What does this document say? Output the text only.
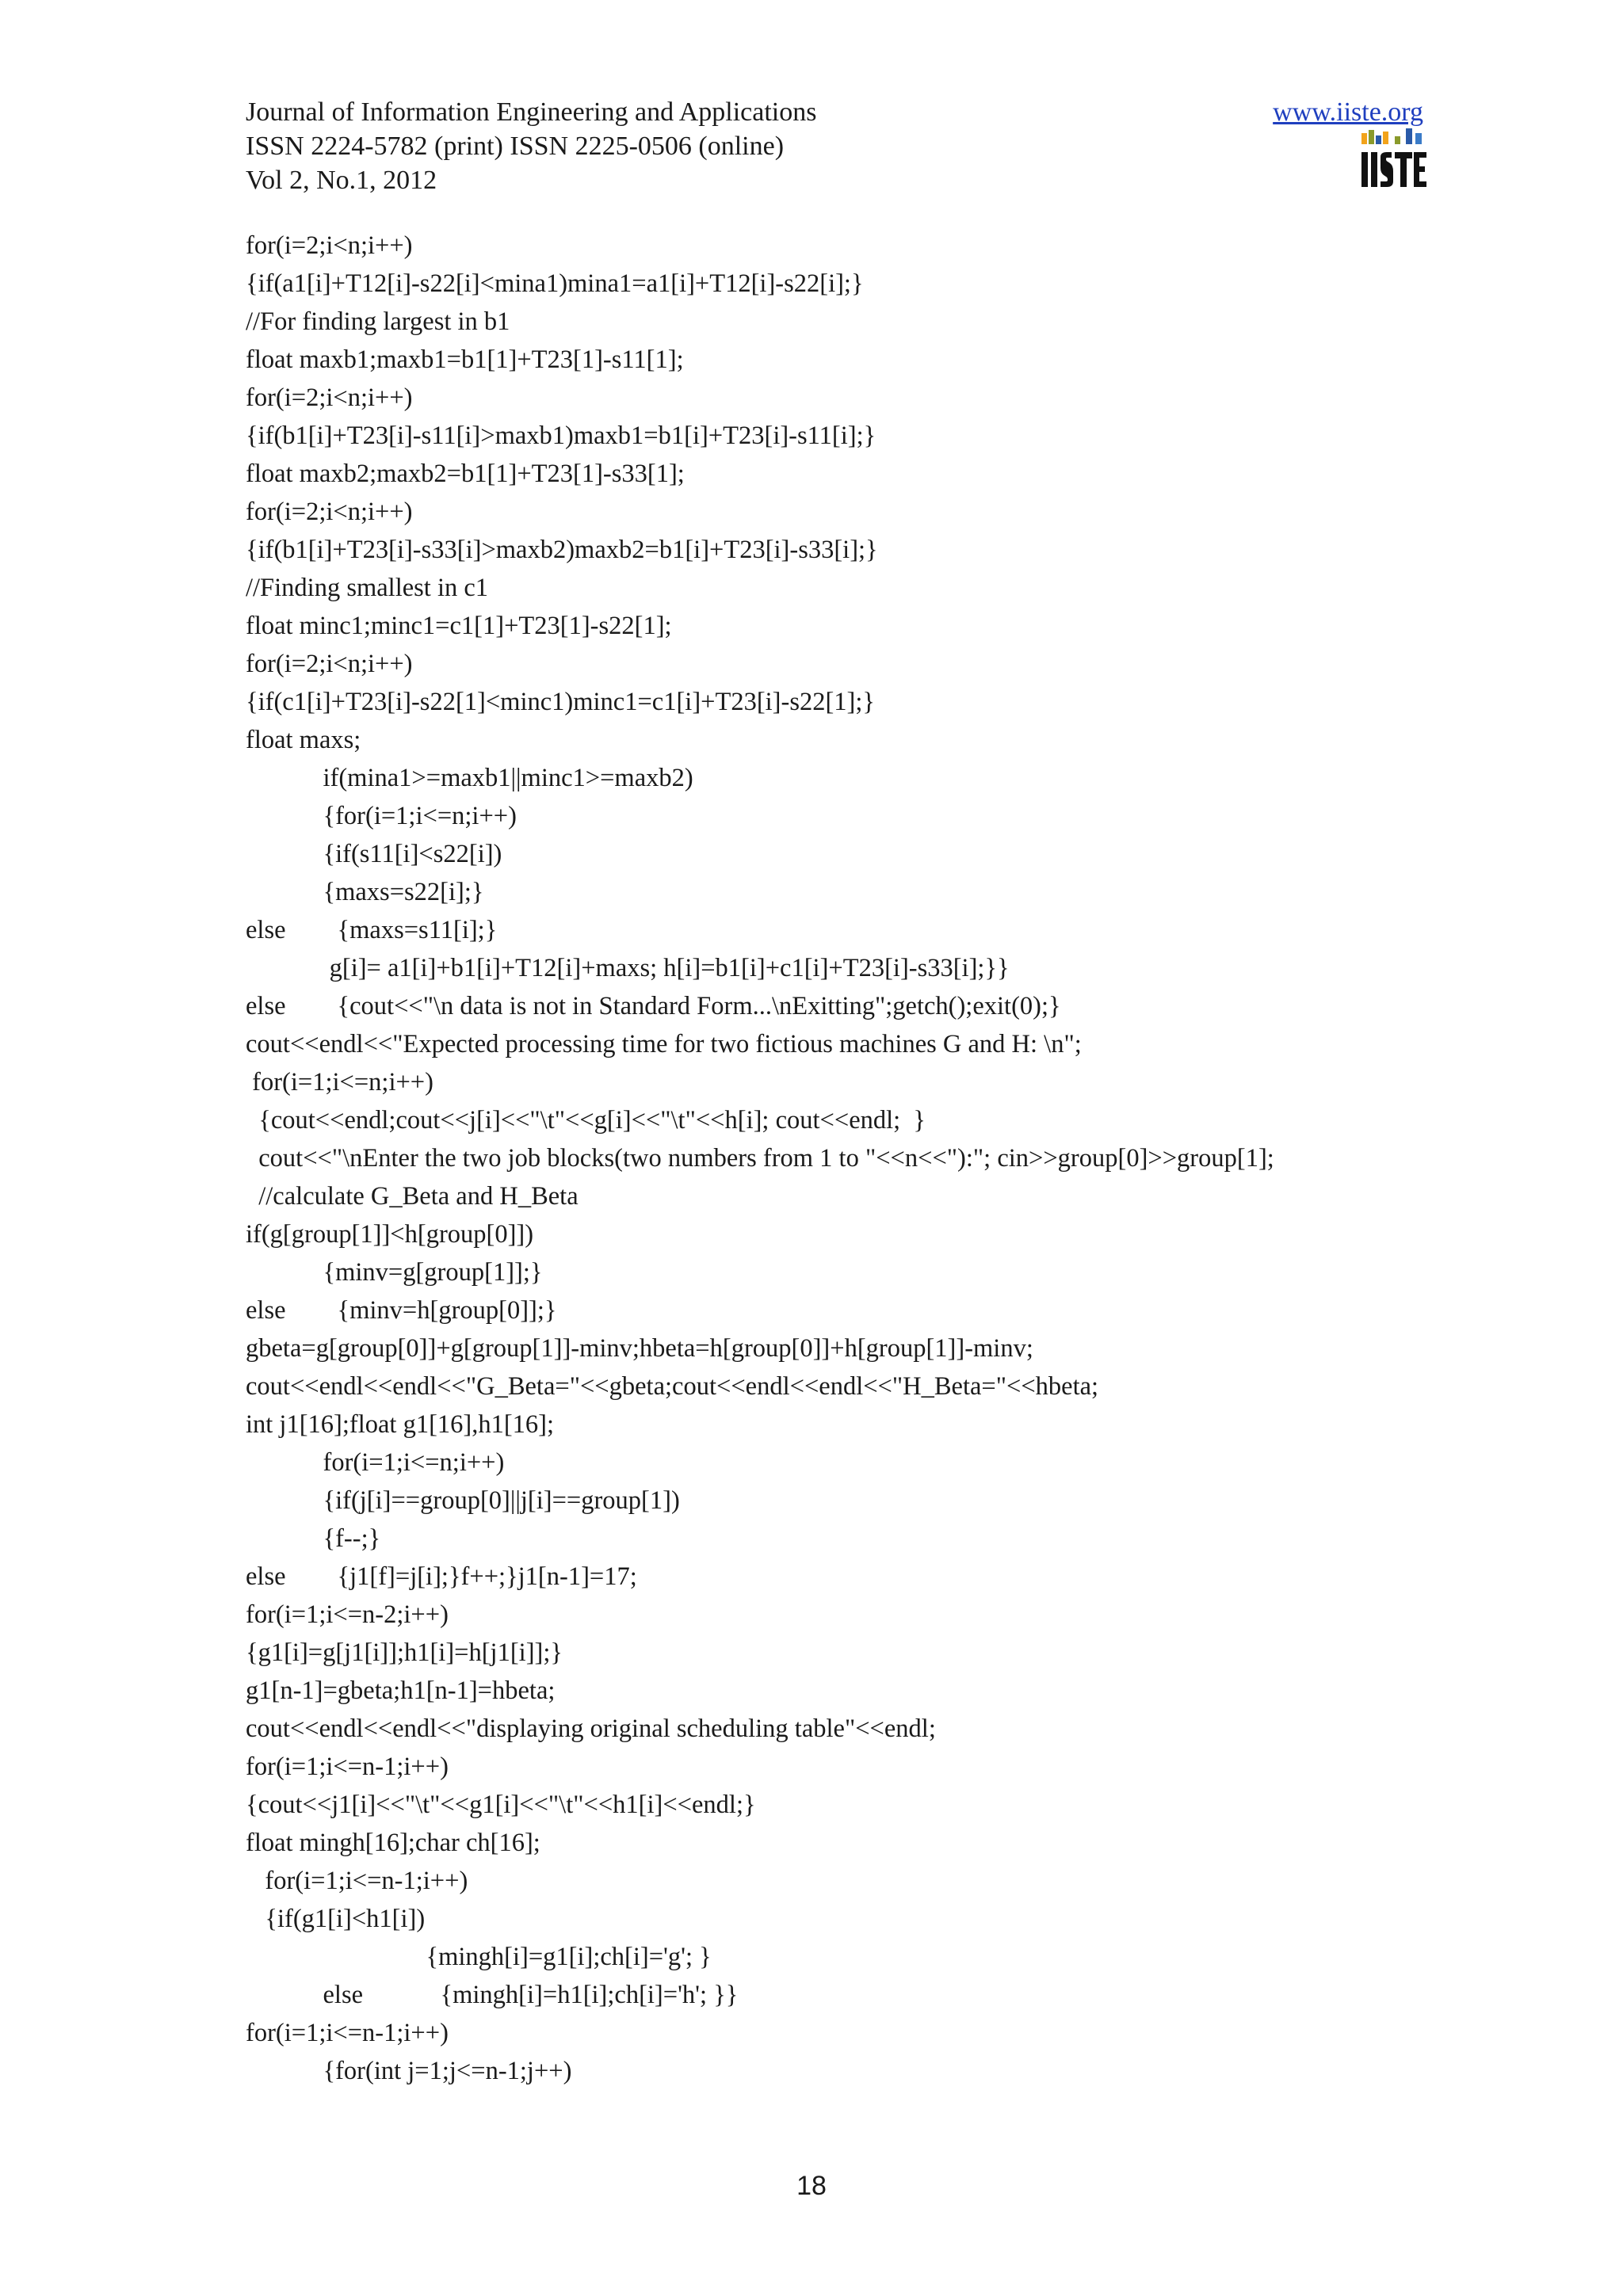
Journal of Information Engineering and Applications
ISSN 2224-5782 (print) ISSN 2225-0506 (online)
Vol 2, No.1, 2012
www.iiste.org
for(i=2;i<n;i++)
{if(a1[i]+T12[i]-s22[i]<mina1)mina1=a1[i]+T12[i]-s22[i];}
//For finding largest in b1
float maxb1;maxb1=b1[1]+T23[1]-s11[1];
for(i=2;i<n;i++)
{if(b1[i]+T23[i]-s11[i]>maxb1)maxb1=b1[i]+T23[i]-s11[i];}
float maxb2;maxb2=b1[1]+T23[1]-s33[1];
for(i=2;i<n;i++)
{if(b1[i]+T23[i]-s33[i]>maxb2)maxb2=b1[i]+T23[i]-s33[i];}
//Finding smallest in c1
float minc1;minc1=c1[1]+T23[1]-s22[1];
for(i=2;i<n;i++)
{if(c1[i]+T23[i]-s22[1]<minc1)minc1=c1[i]+T23[i]-s22[1];}
float maxs;
if(mina1>=maxb1||minc1>=maxb2)
{for(i=1;i<=n;i++)
{if(s11[i]<s22[i])
{maxs=s22[i];}
else        {maxs=s11[i];}
g[i]= a1[i]+b1[i]+T12[i]+maxs; h[i]=b1[i]+c1[i]+T23[i]-s33[i];}}
else        {cout<<"\n data is not in Standard Form...\nExitting";getch();exit(0);}
cout<<endl<<"Expected processing time for two fictious machines G and H: \n";
for(i=1;i<=n;i++)
{cout<<endl;cout<<j[i]<<"\t"<<g[i]<<"\t"<<h[i]; cout<<endl;  }
cout<<"\nEnter the two job blocks(two numbers from 1 to "<<n<<"):"; cin>>group[0]>>group[1];
//calculate G_Beta and H_Beta
if(g[group[1]]<h[group[0]])
{minv=g[group[1]];}
else        {minv=h[group[0]];}
gbeta=g[group[0]]+g[group[1]]-minv;hbeta=h[group[0]]+h[group[1]]-minv;
cout<<endl<<endl<<"G_Beta="<<gbeta;cout<<endl<<endl<<"H_Beta="<<hbeta;
int j1[16];float g1[16],h1[16];
for(i=1;i<=n;i++)
{if(j[i]==group[0]||j[i]==group[1])
{f--;}
else        {j1[f]=j[i];}f++;}j1[n-1]=17;
for(i=1;i<=n-2;i++)
{g1[i]=g[j1[i]];h1[i]=h[j1[i]];}
g1[n-1]=gbeta;h1[n-1]=hbeta;
cout<<endl<<endl<<"displaying original scheduling table"<<endl;
for(i=1;i<=n-1;i++)
{cout<<j1[i]<<"\t"<<g1[i]<<"\t"<<h1[i]<<endl;}
float mingh[16];char ch[16];
for(i=1;i<=n-1;i++)
{if(g1[i]<h1[i])
{mingh[i]=g1[i];ch[i]='g'; }
else            {mingh[i]=h1[i];ch[i]='h'; }}
for(i=1;i<=n-1;i++)
{for(int j=1;j<=n-1;j++)
18
